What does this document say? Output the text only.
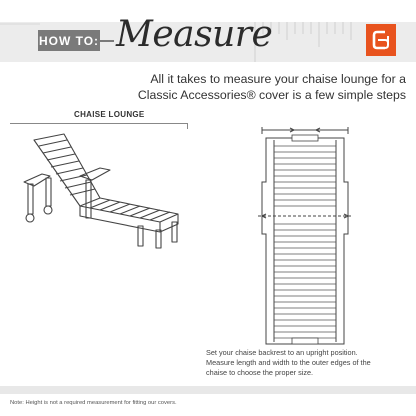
HOW TO: Measure
All it takes to measure your chaise lounge for a
Classic Accessories® cover is a few simple steps
CHAISE LOUNGE
Set your chaise backrest to an upright position.
Measure length and width to the outer edges of the
chaise to choose the proper size.
Note: Height is not a required measurement for fitting our covers.
